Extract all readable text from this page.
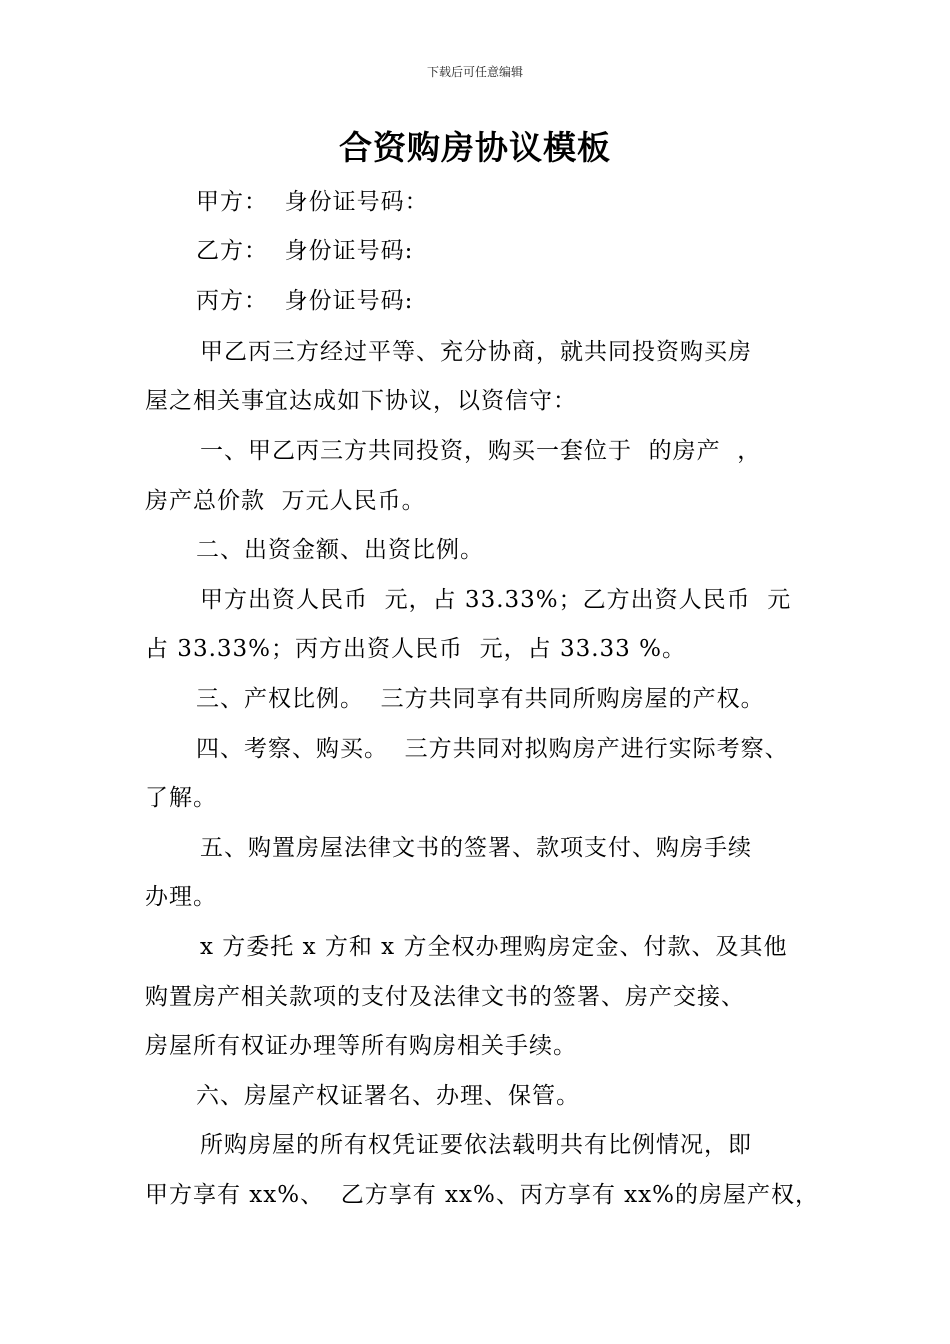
下载后可任意编辑
合资购房协议模板
甲方：  身份证号码：
乙方：  身份证号码:
丙方：  身份证号码:
甲乙丙三方经过平等、充分协商，就共同投资购买房
屋之相关事宜达成如下协议，以资信守：
一、甲乙丙三方共同投资，购买一套位于  的房产  ，
房产总价款  万元人民币。
二、出资金额、出资比例。
甲方出资人民币  元，占 33.33%；乙方出资人民币  元
占 33.33%；丙方出资人民币  元，占 33.33 %。
三、产权比例。  三方共同享有共同所购房屋的产权。
四、考察、购买。  三方共同对拟购房产进行实际考察、
了解。
五、购置房屋法律文书的签署、款项支付、购房手续
办理。
x 方委托 x 方和 x 方全权办理购房定金、付款、及其他
购置房产相关款项的支付及法律文书的签署、房产交接、
房屋所有权证办理等所有购房相关手续。
六、房屋产权证署名、办理、保管。
所购房屋的所有权凭证要依法载明共有比例情况，即
甲方享有 xx%、  乙方享有 xx%、丙方享有 xx%的房屋产权，
